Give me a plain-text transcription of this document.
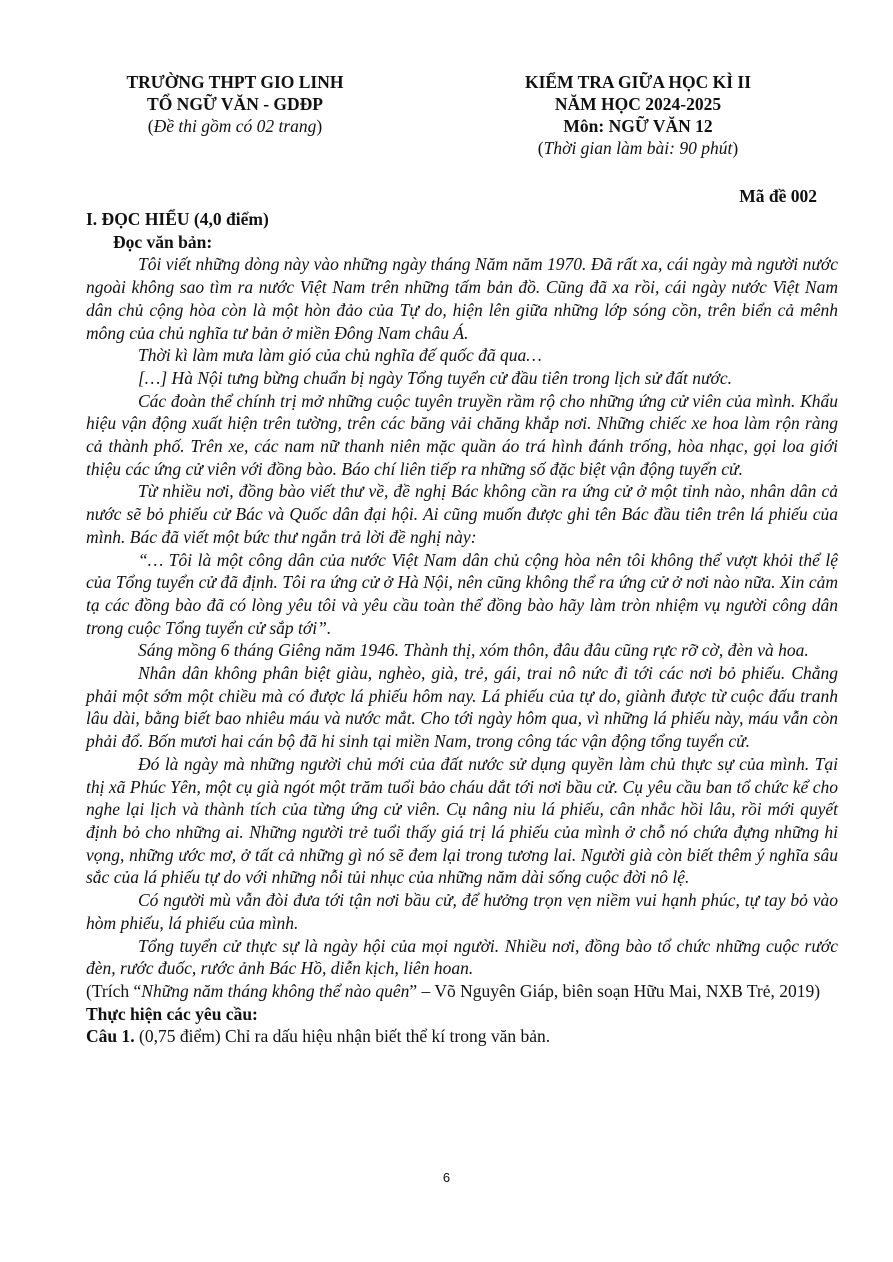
TRƯỜNG THPT GIO LINH
TỔ NGỮ VĂN - GDĐP
(Đề thi gồm có 02 trang)
KIỂM TRA GIỮA HỌC KÌ II
NĂM HỌC 2024-2025
Môn: NGỮ VĂN 12
(Thời gian làm bài: 90 phút)
Mã đề 002

I. ĐỌC HIỂU (4,0 điểm)

Đọc văn bản:

Tôi viết những dòng này vào những ngày tháng Năm năm 1970. Đã rất xa, cái ngày mà người nước ngoài không sao tìm ra nước Việt Nam trên những tấm bản đồ. Cũng đã xa rồi, cái ngày nước Việt Nam dân chủ cộng hòa còn là một hòn đảo của Tự do, hiện lên giữa những lớp sóng cồn, trên biển cả mênh mông của chủ nghĩa tư bản ở miền Đông Nam châu Á.

Thời kì làm mưa làm gió của chủ nghĩa đế quốc đã qua…

[…] Hà Nội tưng bừng chuẩn bị ngày Tổng tuyển cử đầu tiên trong lịch sử đất nước.

Các đoàn thể chính trị mở những cuộc tuyên truyền rầm rộ cho những ứng cử viên của mình. Khẩu hiệu vận động xuất hiện trên tường, trên các băng vải chăng khắp nơi. Những chiếc xe hoa làm rộn ràng cả thành phố. Trên xe, các nam nữ thanh niên mặc quần áo trá hình đánh trống, hòa nhạc, gọi loa giới thiệu các ứng cử viên với đồng bào. Báo chí liên tiếp ra những số đặc biệt vận động tuyển cử.

Từ nhiều nơi, đồng bào viết thư về, đề nghị Bác không cần ra ứng cử ở một tỉnh nào, nhân dân cả nước sẽ bỏ phiếu cử Bác và Quốc dân đại hội. Ai cũng muốn được ghi tên Bác đầu tiên trên lá phiếu của mình. Bác đã viết một bức thư ngắn trả lời đề nghị này:

“… Tôi là một công dân của nước Việt Nam dân chủ cộng hòa nên tôi không thể vượt khỏi thể lệ của Tổng tuyển cử đã định. Tôi ra ứng cử ở Hà Nội, nên cũng không thể ra ứng cử ở nơi nào nữa. Xin cảm tạ các đồng bào đã có lòng yêu tôi và yêu cầu toàn thể đồng bào hãy làm tròn nhiệm vụ người công dân trong cuộc Tổng tuyển cử sắp tới”.

Sáng mồng 6 tháng Giêng năm 1946. Thành thị, xóm thôn, đâu đâu cũng rực rỡ cờ, đèn và hoa.

Nhân dân không phân biệt giàu, nghèo, già, trẻ, gái, trai nô nức đi tới các nơi bỏ phiếu. Chẳng phải một sớm một chiều mà có được lá phiếu hôm nay. Lá phiếu của tự do, giành được từ cuộc đấu tranh lâu dài, bằng biết bao nhiêu máu và nước mắt. Cho tới ngày hôm qua, vì những lá phiếu này, máu vẫn còn phải đổ. Bốn mươi hai cán bộ đã hi sinh tại miền Nam, trong công tác vận động tổng tuyển cử.

Đó là ngày mà những người chủ mới của đất nước sử dụng quyền làm chủ thực sự của mình. Tại thị xã Phúc Yên, một cụ già ngót một trăm tuổi bảo cháu dắt tới nơi bầu cử. Cụ yêu cầu ban tổ chức kể cho nghe lại lịch và thành tích của từng ứng cử viên. Cụ nâng niu lá phiếu, cân nhắc hồi lâu, rồi mới quyết định bỏ cho những ai. Những người trẻ tuổi thấy giá trị lá phiếu của mình ở chỗ nó chứa đựng những hi vọng, những ước mơ, ở tất cả những gì nó sẽ đem lại trong tương lai. Người già còn biết thêm ý nghĩa sâu sắc của lá phiếu tự do với những nỗi tủi nhục của những năm dài sống cuộc đời nô lệ.

Có người mù vẫn đòi đưa tới tận nơi bầu cử, để hưởng trọn vẹn niềm vui hạnh phúc, tự tay bỏ vào hòm phiếu, lá phiếu của mình.

Tổng tuyển cử thực sự là ngày hội của mọi người. Nhiều nơi, đồng bào tổ chức những cuộc rước đèn, rước đuốc, rước ảnh Bác Hồ, diễn kịch, liên hoan.

(Trích “Những năm tháng không thể nào quên” – Võ Nguyên Giáp, biên soạn Hữu Mai, NXB Trẻ, 2019)

Thực hiện các yêu cầu:

Câu 1. (0,75 điểm) Chỉ ra dấu hiệu nhận biết thể kí trong văn bản.

6
